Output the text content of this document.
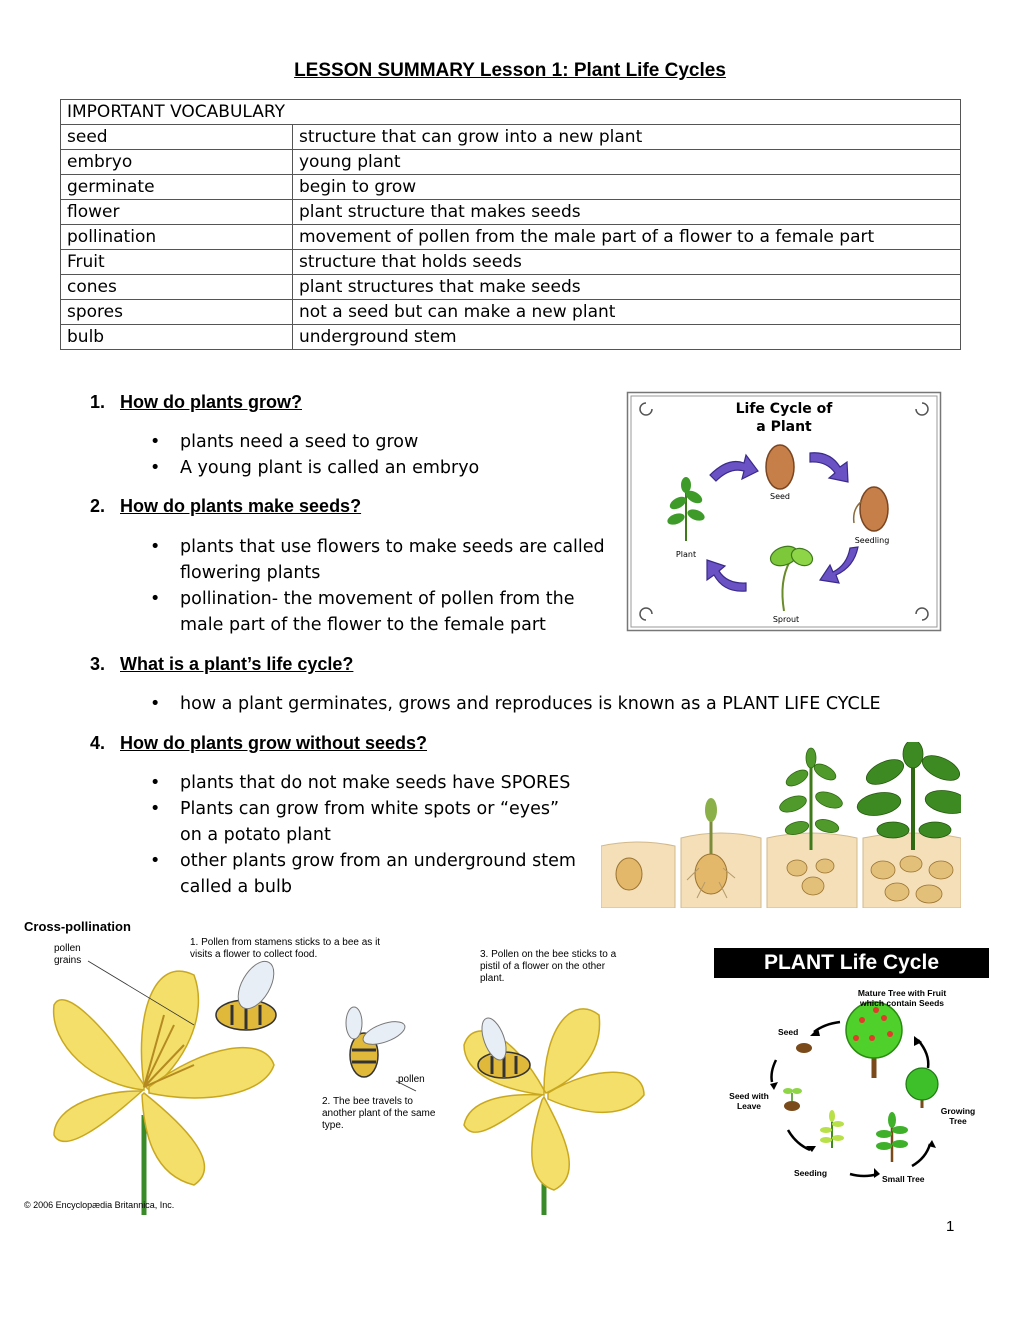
LESSON SUMMARY Lesson 1: Plant Life Cycles
IMPORTANT VOCABULARY	
seed	structure that can grow into a new plant
embryo	young plant
germinate	begin to grow
flower	plant structure that makes seeds
pollination	movement of pollen from the male part of a flower to a female part
Fruit	structure that holds seeds
cones	plant structures that make seeds
spores	not a seed but can make a new plant
bulb	underground stem
1. How do plants grow?
• plants need a seed to grow
• A young plant is called an embryo
2. How do plants make seeds?
• plants that use flowers to make seeds are called flowering plants
• pollination- the movement of pollen from the male part of the flower to the female part
3. What is a plant’s life cycle?
• how a plant germinates, grows and reproduces is known as a PLANT LIFE CYCLE
4. How do plants grow without seeds?
• plants that do not make seeds have SPORES
• Plants can grow from white spots or “eyes” on a potato plant
• other plants grow from an underground stem called a bulb
Life Cycle of
a Plant
Seed
Seedling
Sprout
Plant
Cross-pollination
pollen grains
1. Pollen from stamens sticks to a bee as it visits a flower to collect food.	3. Pollen on the bee sticks to a pistil of a flower on the other plant.
pollen
2. The bee travels to another plant of the same type.
© 2006 Encyclopædia Britannica, Inc.
PLANT Life Cycle
Mature Tree with Fruit which contain Seeds
Seed
Seed with Leave
Seeding
Small Tree
Growing Tree
1
